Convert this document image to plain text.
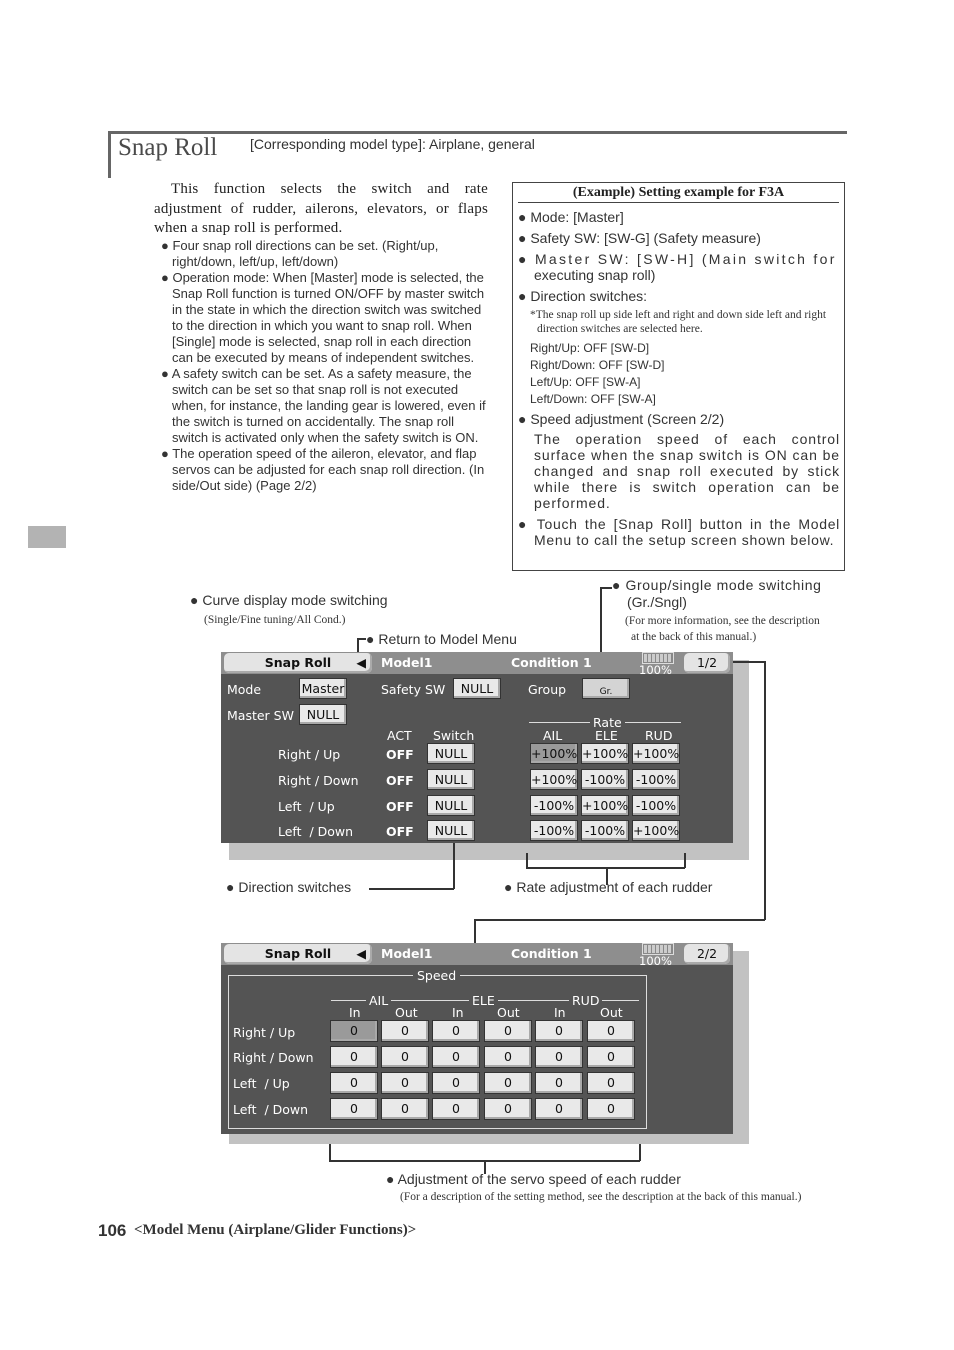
Snap Roll [Corresponding model type]: Airplane, general
This function selects the switch and rate adjustment of rudder, ailerons, elevators, or flaps when a snap roll is performed.
● Four snap roll directions can be set. (Right/up, right/down, left/up, left/down)
● Operation mode: When [Master] mode is selected, the Snap Roll function is turned ON/OFF by master switch in the state in which the direction switch was switched to the direction in which you want to snap roll. When [Single] mode is selected, snap roll in each direction can be executed by means of independent switches.
● A safety switch can be set. As a safety measure, the switch can be set so that snap roll is not executed when, for instance, the landing gear is lowered, even if the switch is turned on accidentally. The snap roll switch is activated only when the safety switch is ON.
● The operation speed of the aileron, elevator, and flap servos can be adjusted for each snap roll direction. (In side/Out side) (Page 2/2)
(Example) Setting example for F3A
● Mode: [Master]
● Safety SW: [SW-G] (Safety measure)
● Master SW: [SW-H] (Main switch for
executing snap roll)
● Direction switches:
*The snap roll up side left and right and down side left and right
direction switches are selected here.
Right/Up: OFF [SW-D]
Right/Down: OFF [SW-D]
Left/Up: OFF [SW-A]
Left/Down: OFF [SW-A]
● Speed adjustment (Screen 2/2)
The operation speed of each control surface when the snap switch is ON can be changed and snap roll executed by stick while there is switch operation can be performed.
● Touch the [Snap Roll] button in the Model Menu to call the setup screen shown below.
● Curve display mode switching
(Single/Fine tuning/All Cond.)
● Group/single mode switching
(Gr./Sngl)
(For more information, see the description
at the back of this manual.)
● Return to Model Menu
Snap Roll ◀ Model1	Condition 1	100%	1/2
Mode	Master	Safety SW	NULL	Group	Gr.
Master SW	NULL
ACT Switch
Rate
AIL	ELE RUD
Right / Up	OFF	NULL	+100% +100% +100%
Right / Down OFF	NULL	+100% -100% -100%
Left  / Up	OFF	NULL	-100% +100% -100%
Left  / Down	OFF	NULL	-100% -100% +100%
● Direction switches	● Rate adjustment of each rudder
Snap Roll ◀ Model1	Condition 1	100%	2/2
Speed
AIL	ELE	RUD
In	Out	In	Out	In	Out
Right / Up	0	0	0	0	0	0
Right / Down	0	0	0	0	0	0
Left  / Up	0	0	0	0	0	0
Left  / Down	0	0	0	0	0	0
● Adjustment of the servo speed of each rudder
(For a description of the setting method, see the description at the back of this manual.)
106 <Model Menu (Airplane/Glider Functions)>
